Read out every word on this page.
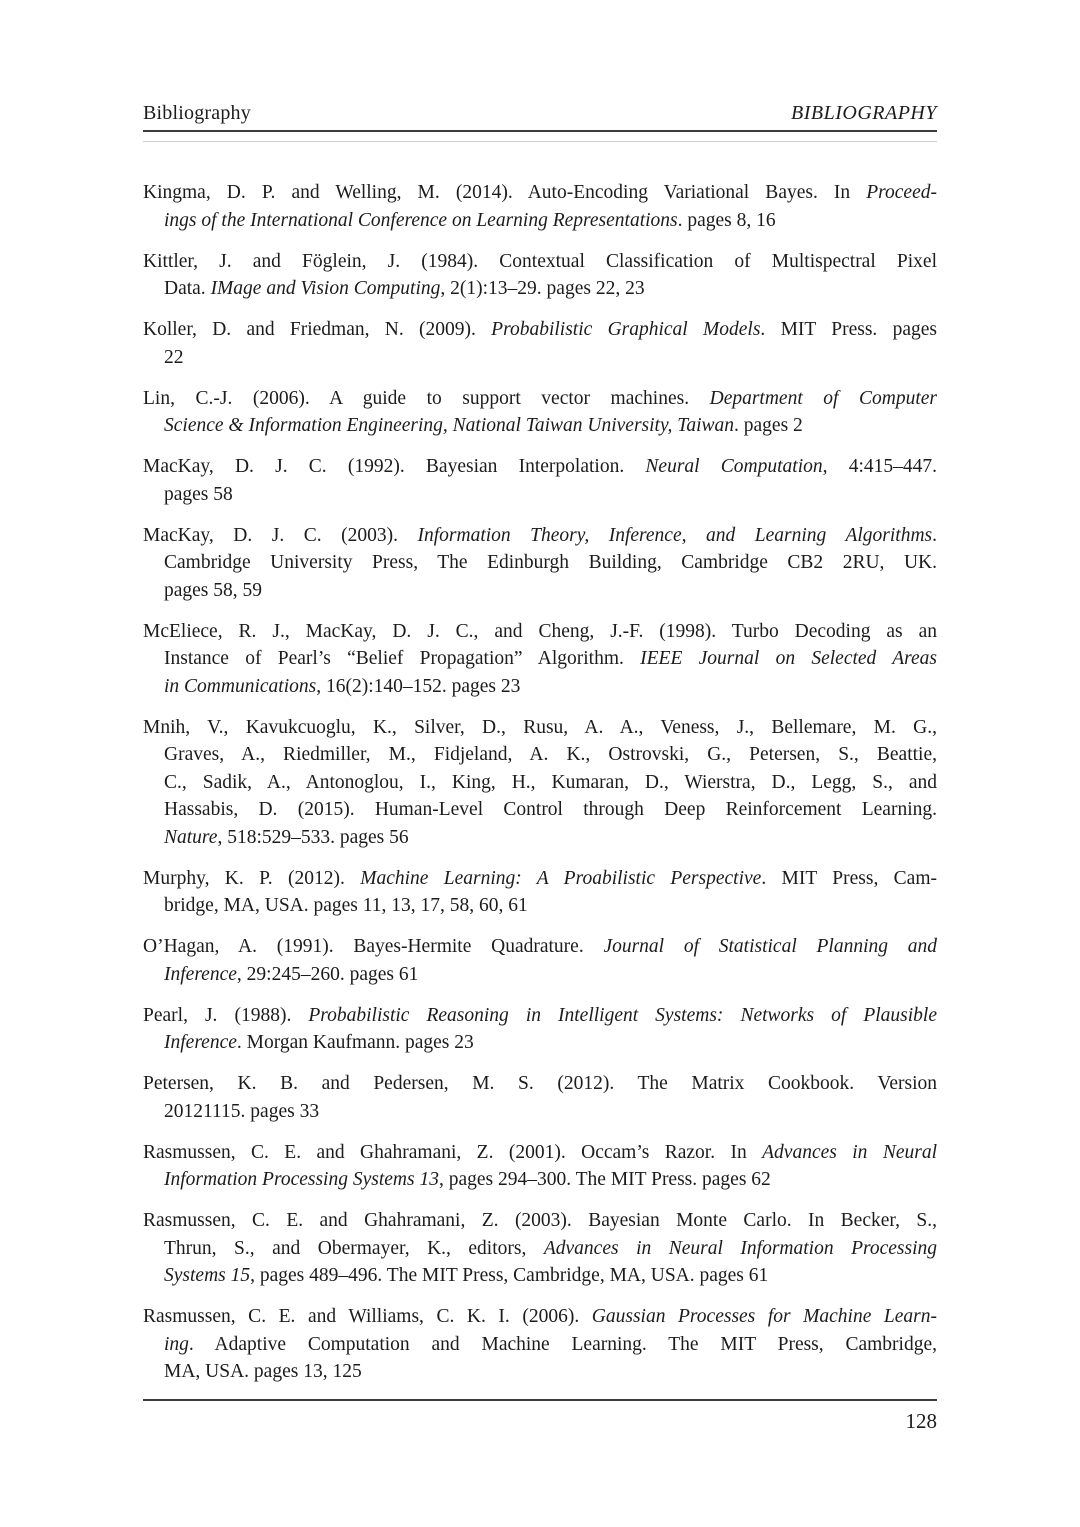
Bibliography	BIBLIOGRAPHY

Kingma, D. P. and Welling, M. (2014). Auto-Encoding Variational Bayes. In Proceed-
ings of the International Conference on Learning Representations. pages 8, 16

Kittler, J. and Föglein, J. (1984). Contextual Classification of Multispectral Pixel
Data. IMage and Vision Computing, 2(1):13–29. pages 22, 23

Koller, D. and Friedman, N. (2009). Probabilistic Graphical Models. MIT Press. pages
22

Lin, C.-J. (2006). A guide to support vector machines. Department of Computer
Science & Information Engineering, National Taiwan University, Taiwan. pages 2

MacKay, D. J. C. (1992). Bayesian Interpolation. Neural Computation, 4:415–447.
pages 58

MacKay, D. J. C. (2003). Information Theory, Inference, and Learning Algorithms.
Cambridge University Press, The Edinburgh Building, Cambridge CB2 2RU, UK.
pages 58, 59

McEliece, R. J., MacKay, D. J. C., and Cheng, J.-F. (1998). Turbo Decoding as an
Instance of Pearl’s “Belief Propagation” Algorithm. IEEE Journal on Selected Areas
in Communications, 16(2):140–152. pages 23

Mnih, V., Kavukcuoglu, K., Silver, D., Rusu, A. A., Veness, J., Bellemare, M. G.,
Graves, A., Riedmiller, M., Fidjeland, A. K., Ostrovski, G., Petersen, S., Beattie,
C., Sadik, A., Antonoglou, I., King, H., Kumaran, D., Wierstra, D., Legg, S., and
Hassabis, D. (2015). Human-Level Control through Deep Reinforcement Learning.
Nature, 518:529–533. pages 56

Murphy, K. P. (2012). Machine Learning: A Proabilistic Perspective. MIT Press, Cam-
bridge, MA, USA. pages 11, 13, 17, 58, 60, 61

O’Hagan, A. (1991). Bayes-Hermite Quadrature. Journal of Statistical Planning and
Inference, 29:245–260. pages 61

Pearl, J. (1988). Probabilistic Reasoning in Intelligent Systems: Networks of Plausible
Inference. Morgan Kaufmann. pages 23

Petersen, K. B. and Pedersen, M. S. (2012). The Matrix Cookbook. Version
20121115. pages 33

Rasmussen, C. E. and Ghahramani, Z. (2001). Occam’s Razor. In Advances in Neural
Information Processing Systems 13, pages 294–300. The MIT Press. pages 62

Rasmussen, C. E. and Ghahramani, Z. (2003). Bayesian Monte Carlo. In Becker, S.,
Thrun, S., and Obermayer, K., editors, Advances in Neural Information Processing
Systems 15, pages 489–496. The MIT Press, Cambridge, MA, USA. pages 61

Rasmussen, C. E. and Williams, C. K. I. (2006). Gaussian Processes for Machine Learn-
ing. Adaptive Computation and Machine Learning. The MIT Press, Cambridge,
MA, USA. pages 13, 125

128
